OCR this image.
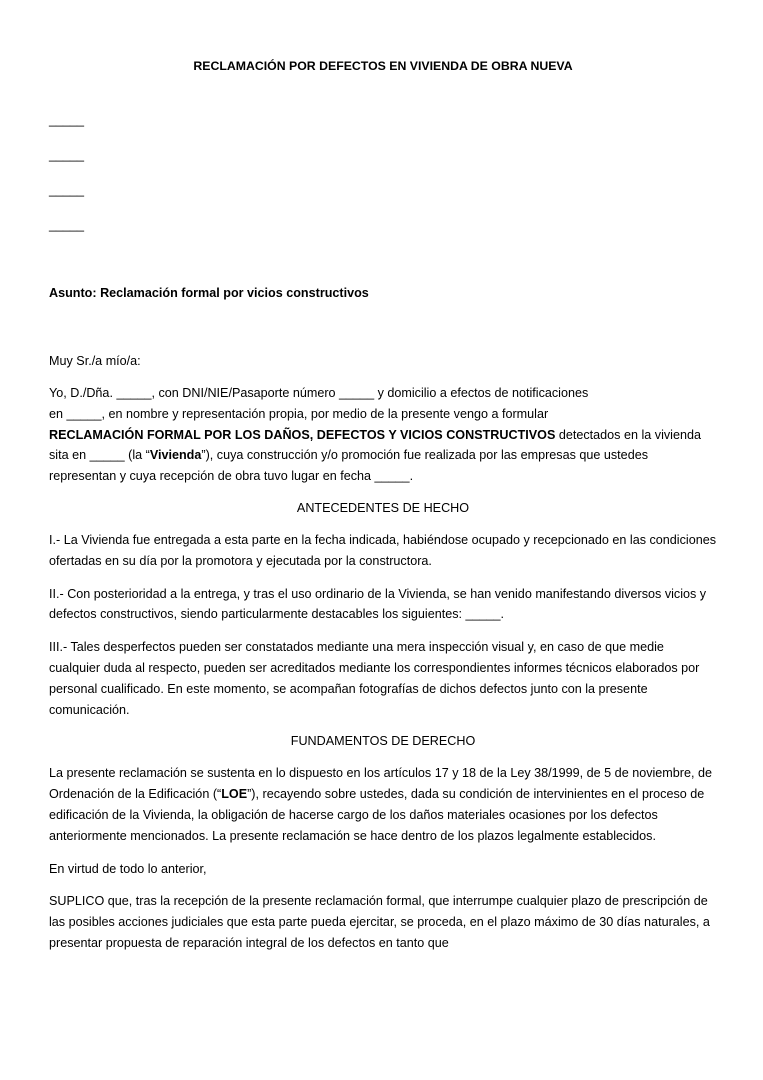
RECLAMACIÓN POR DEFECTOS EN VIVIENDA DE OBRA NUEVA
_____
_____
_____
_____
Asunto: Reclamación formal por vicios constructivos
Muy Sr./a mío/a:

Yo, D./Dña. _____, con DNI/NIE/Pasaporte número _____ y domicilio a efectos de notificaciones
en _____, en nombre y representación propia, por medio de la presente vengo a formular
RECLAMACIÓN FORMAL POR LOS DAÑOS, DEFECTOS Y VICIOS CONSTRUCTIVOS detectados en la vivienda sita en _____ (la “Vivienda”), cuya construcción y/o promoción fue realizada por las empresas que ustedes representan y cuya recepción de obra tuvo lugar en fecha _____.

ANTECEDENTES DE HECHO

I.- La Vivienda fue entregada a esta parte en la fecha indicada, habiéndose ocupado y recepcionado en las condiciones ofertadas en su día por la promotora y ejecutada por la constructora.

II.- Con posterioridad a la entrega, y tras el uso ordinario de la Vivienda, se han venido manifestando diversos vicios y defectos constructivos, siendo particularmente destacables los siguientes: _____.

III.- Tales desperfectos pueden ser constatados mediante una mera inspección visual y, en caso de que medie cualquier duda al respecto, pueden ser acreditados mediante los correspondientes informes técnicos elaborados por personal cualificado. En este momento, se acompañan fotografías de dichos defectos junto con la presente comunicación.

FUNDAMENTOS DE DERECHO

La presente reclamación se sustenta en lo dispuesto en los artículos 17 y 18 de la Ley 38/1999, de 5 de noviembre, de Ordenación de la Edificación (“LOE”), recayendo sobre ustedes, dada su condición de intervinientes en el proceso de edificación de la Vivienda, la obligación de hacerse cargo de los daños materiales ocasiones por los defectos anteriormente mencionados. La presente reclamación se hace dentro de los plazos legalmente establecidos.

En virtud de todo lo anterior,

SUPLICO que, tras la recepción de la presente reclamación formal, que interrumpe cualquier plazo de prescripción de las posibles acciones judiciales que esta parte pueda ejercitar, se proceda, en el plazo máximo de 30 días naturales, a presentar propuesta de reparación integral de los defectos en tanto que
